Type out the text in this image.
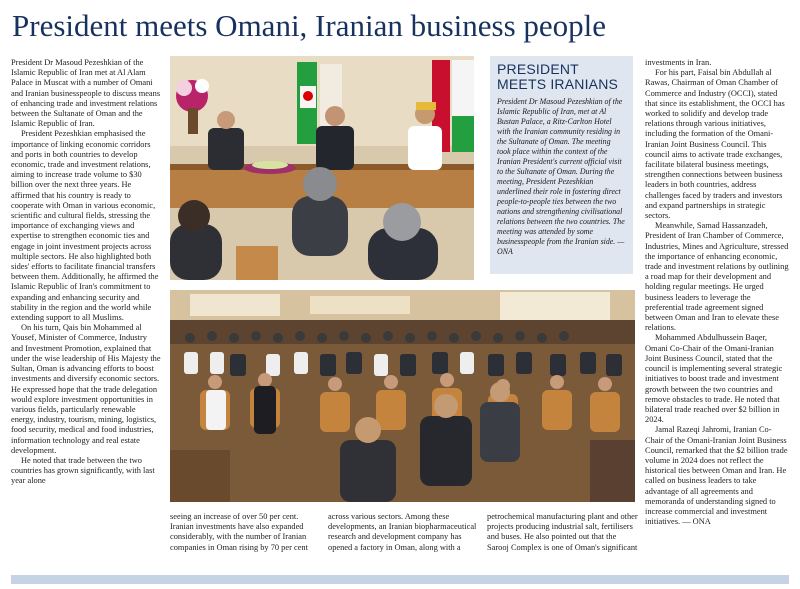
President meets Omani, Iranian business people

President Dr Masoud Pezeshkian of the Islamic Republic of Iran met at Al Alam Palace in Muscat with a number of Omani and Iranian businesspeople to discuss means of enhancing trade and investment relations between the Sultanate of Oman and the Islamic Republic of Iran.

President Pezeshkian emphasised the importance of linking economic corridors and ports in both countries to develop economic, trade and investment relations, aiming to increase trade volume to $30 billion over the next three years. He affirmed that his country is ready to cooperate with Oman in various economic, scientific and cultural fields, stressing the importance of exchanging views and expertise to strengthen economic ties and engage in joint investment projects across multiple sectors. He also highlighted both sides' efforts to facilitate financial transfers between them. Additionally, he affirmed the Islamic Republic of Iran's commitment to expanding and enhancing security and stability in the region and the world while extending support to all Muslims.

On his turn, Qais bin Mohammed al Yousef, Minister of Commerce, Industry and Investment Promotion, explained that under the wise leadership of His Majesty the Sultan, Oman is advancing efforts to boost investments and diversify economic sectors. He expressed hope that the trade delegation would explore investment opportunities in various fields, particularly renewable energy, industry, tourism, mining, logistics, food security, medical and food industries, information technology and real estate development.

He noted that trade between the two countries has grown significantly, with last year alone

PRESIDENT
MEETS IRANIANS

President Dr Masoud Pezeshkian of the Islamic Republic of Iran, met at Al Bustan Palace, a Ritz-Carlton Hotel with the Iranian community residing in the Sultanate of Oman. The meeting took place within the context of the Iranian President's current official visit to the Sultanate of Oman. During the meeting, President Pezeshkian underlined their role in fostering direct people-to-people ties between the two nations and strengthening civilisational relations between the two countries. The meeting was attended by some businesspeople from the Iranian side. — ONA

seeing an increase of over 50 per cent. Iranian investments have also expanded considerably, with the number of Iranian companies in Oman rising by 70 per cent

across various sectors. Among these developments, an Iranian biopharmaceutical research and development company has opened a factory in Oman, along with a

petrochemical manufacturing plant and other projects producing industrial salt, fertilisers and buses. He also pointed out that the Sarooj Complex is one of Oman's significant

investments in Iran.

For his part, Faisal bin Abdullah al Rawas, Chairman of Oman Chamber of Commerce and Industry (OCCI), stated that since its establishment, the OCCI has worked to solidify and develop trade relations through various initiatives, including the formation of the Omani-Iranian Joint Business Council. This council aims to activate trade exchanges, facilitate bilateral business meetings, strengthen connections between business leaders in both countries, address challenges faced by traders and investors and expand partnerships in strategic sectors.

Meanwhile, Samad Hassanzadeh, President of Iran Chamber of Commerce, Industries, Mines and Agriculture, stressed the importance of enhancing economic, trade and investment relations by outlining a road map for their development and holding regular meetings. He urged business leaders to leverage the preferential trade agreement signed between Oman and Iran to elevate these relations.

Mohammed Abdulhussein Baqer, Omani Co-Chair of the Omani-Iranian Joint Business Council, stated that the council is implementing several strategic initiatives to boost trade and investment growth between the two countries and remove obstacles to trade. He noted that bilateral trade reached over $2 billion in 2024.

Jamal Razeqi Jahromi, Iranian Co-Chair of the Omani-Iranian Joint Business Council, remarked that the $2 billion trade volume in 2024 does not reflect the historical ties between Oman and Iran. He called on business leaders to take advantage of all agreements and memoranda of understanding signed to increase commercial and investment initiatives. — ONA
